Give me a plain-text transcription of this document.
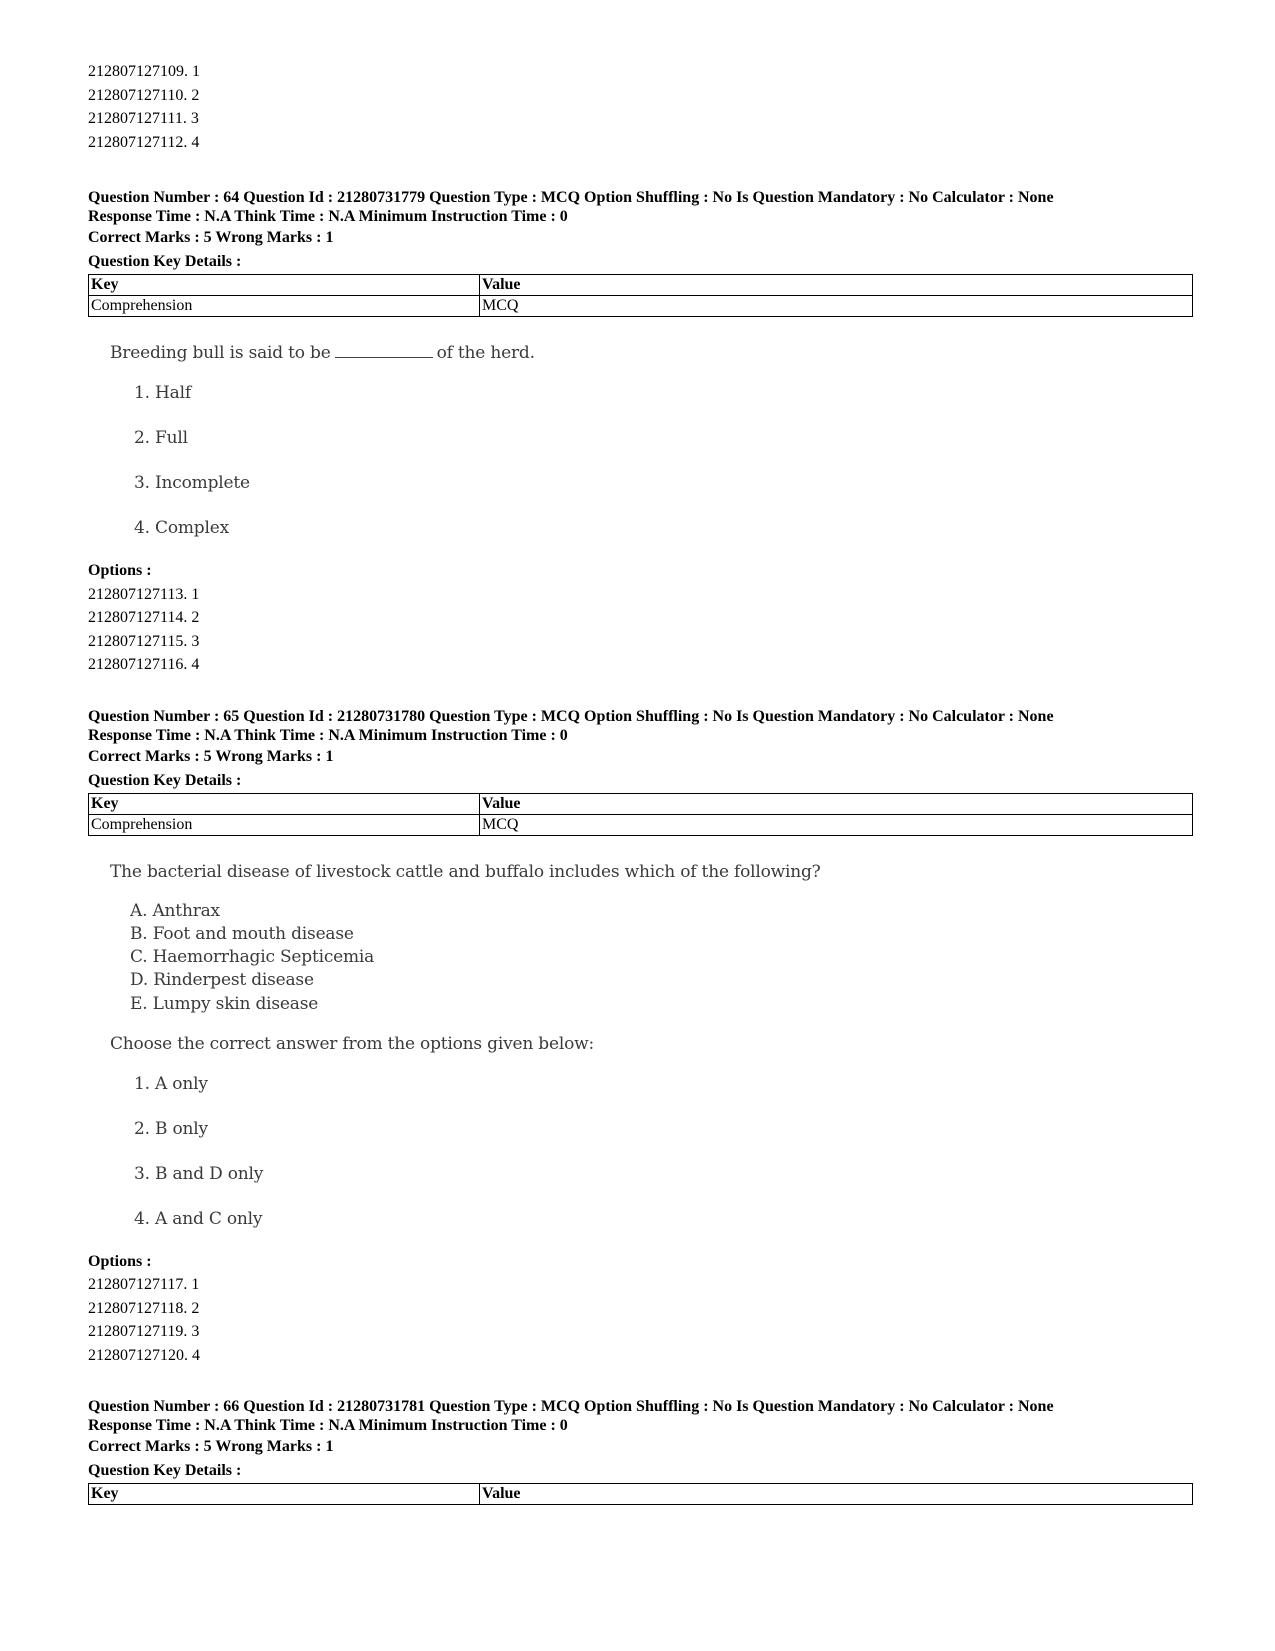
212807127109. 1
212807127110. 2
212807127111. 3
212807127112. 4
Question Number : 64 Question Id : 21280731779 Question Type : MCQ Option Shuffling : No Is Question Mandatory : No Calculator : None
Response Time : N.A Think Time : N.A Minimum Instruction Time : 0
Correct Marks : 5 Wrong Marks : 1
Question Key Details :
Key	Value
Comprehension	MCQ
Breeding bull is said to be	of the herd.
1. Half
2. Full
3. Incomplete
4. Complex
Options :
212807127113. 1
212807127114. 2
212807127115. 3
212807127116. 4
Question Number : 65 Question Id : 21280731780 Question Type : MCQ Option Shuffling : No Is Question Mandatory : No Calculator : None
Response Time : N.A Think Time : N.A Minimum Instruction Time : 0
Correct Marks : 5 Wrong Marks : 1
Question Key Details :
Key	Value
Comprehension	MCQ
The bacterial disease of livestock cattle and buffalo includes which of the following?
A. Anthrax
B. Foot and mouth disease
C. Haemorrhagic Septicemia
D. Rinderpest disease
E. Lumpy skin disease
Choose the correct answer from the options given below:
1. A only
2. B only
3. B and D only
4. A and C only
Options :
212807127117. 1
212807127118. 2
212807127119. 3
212807127120. 4
Question Number : 66 Question Id : 21280731781 Question Type : MCQ Option Shuffling : No Is Question Mandatory : No Calculator : None
Response Time : N.A Think Time : N.A Minimum Instruction Time : 0
Correct Marks : 5 Wrong Marks : 1
Question Key Details :
Key	Value
